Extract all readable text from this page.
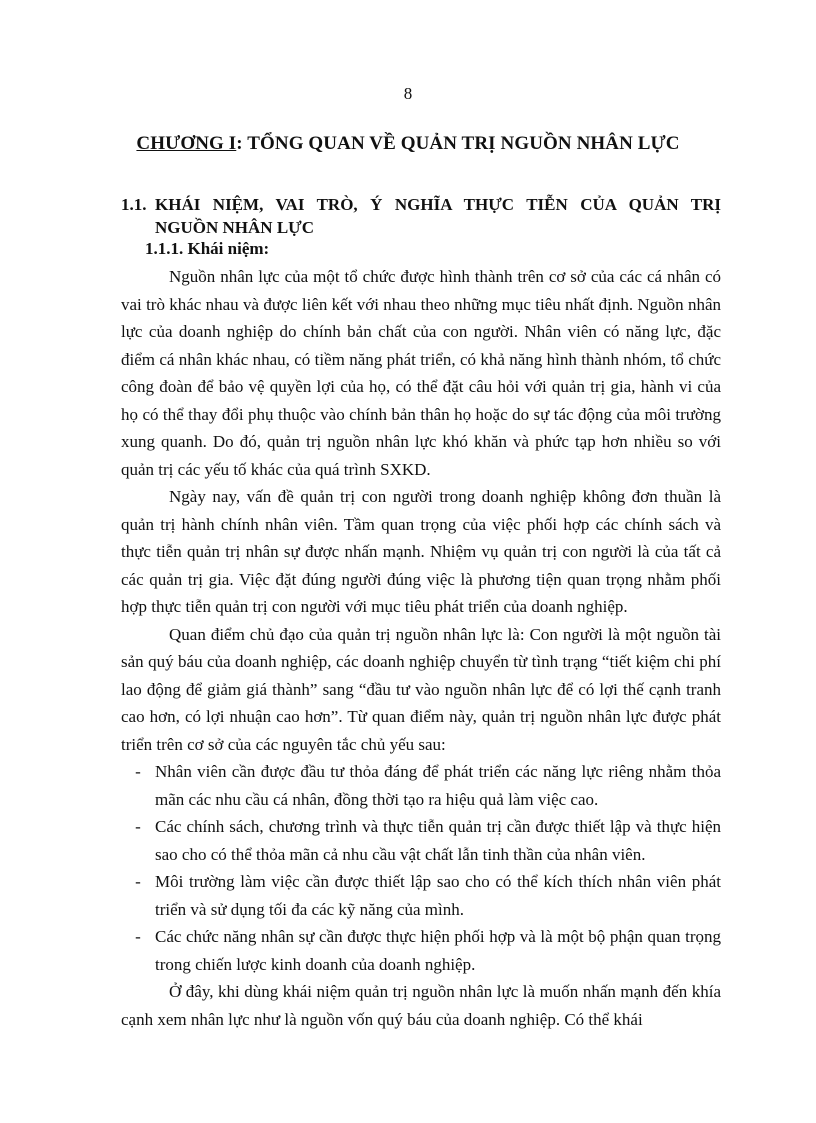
8
CHƯƠNG I: TỔNG QUAN VỀ QUẢN TRỊ NGUỒN NHÂN LỰC
1.1. KHÁI NIỆM, VAI TRÒ, Ý NGHĨA THỰC TIỄN CỦA QUẢN TRỊ
NGUỒN NHÂN LỰC
1.1.1. Khái niệm:

Nguồn nhân lực của một tổ chức được hình thành trên cơ sở của các cá nhân có vai trò khác nhau và được liên kết với nhau theo những mục tiêu nhất định. Nguồn nhân lực của doanh nghiệp do chính bản chất của con người. Nhân viên có năng lực, đặc điểm cá nhân khác nhau, có tiềm năng phát triển, có khả năng hình thành nhóm, tổ chức công đoàn để bảo vệ quyền lợi của họ, có thể đặt câu hỏi với quản trị gia, hành vi của họ có thể thay đổi phụ thuộc vào chính bản thân họ hoặc do sự tác động của môi trường xung quanh. Do đó, quản trị nguồn nhân lực khó khăn và phức tạp hơn nhiều so với quản trị các yếu tố khác của quá trình SXKD.

Ngày nay, vấn đề quản trị con người trong doanh nghiệp không đơn thuần là quản trị hành chính nhân viên. Tầm quan trọng của việc phối hợp các chính sách và thực tiễn quản trị nhân sự được nhấn mạnh. Nhiệm vụ quản trị con người là của tất cả các quản trị gia. Việc đặt đúng người đúng việc là phương tiện quan trọng nhằm phối hợp thực tiễn quản trị con người với mục tiêu phát triển của doanh nghiệp.

Quan điểm chủ đạo của quản trị nguồn nhân lực là: Con người là một nguồn tài sản quý báu của doanh nghiệp, các doanh nghiệp chuyển từ tình trạng “tiết kiệm chi phí lao động để giảm giá thành” sang “đầu tư vào nguồn nhân lực để có lợi thế cạnh tranh cao hơn, có lợi nhuận cao hơn”. Từ quan điểm này, quản trị nguồn nhân lực được phát triển trên cơ sở của các nguyên tắc chủ yếu sau:

- Nhân viên cần được đầu tư thỏa đáng để phát triển các năng lực riêng nhằm thỏa mãn các nhu cầu cá nhân, đồng thời tạo ra hiệu quả làm việc cao.

- Các chính sách, chương trình và thực tiễn quản trị cần được thiết lập và thực hiện sao cho có thể thỏa mãn cả nhu cầu vật chất lẫn tinh thần của nhân viên.

- Môi trường làm việc cần được thiết lập sao cho có thể kích thích nhân viên phát triển và sử dụng tối đa các kỹ năng của mình.

- Các chức năng nhân sự cần được thực hiện phối hợp và là một bộ phận quan trọng trong chiến lược kinh doanh của doanh nghiệp.

Ở đây, khi dùng khái niệm quản trị nguồn nhân lực là muốn nhấn mạnh đến khía cạnh xem nhân lực như là nguồn vốn quý báu của doanh nghiệp. Có thể khái
